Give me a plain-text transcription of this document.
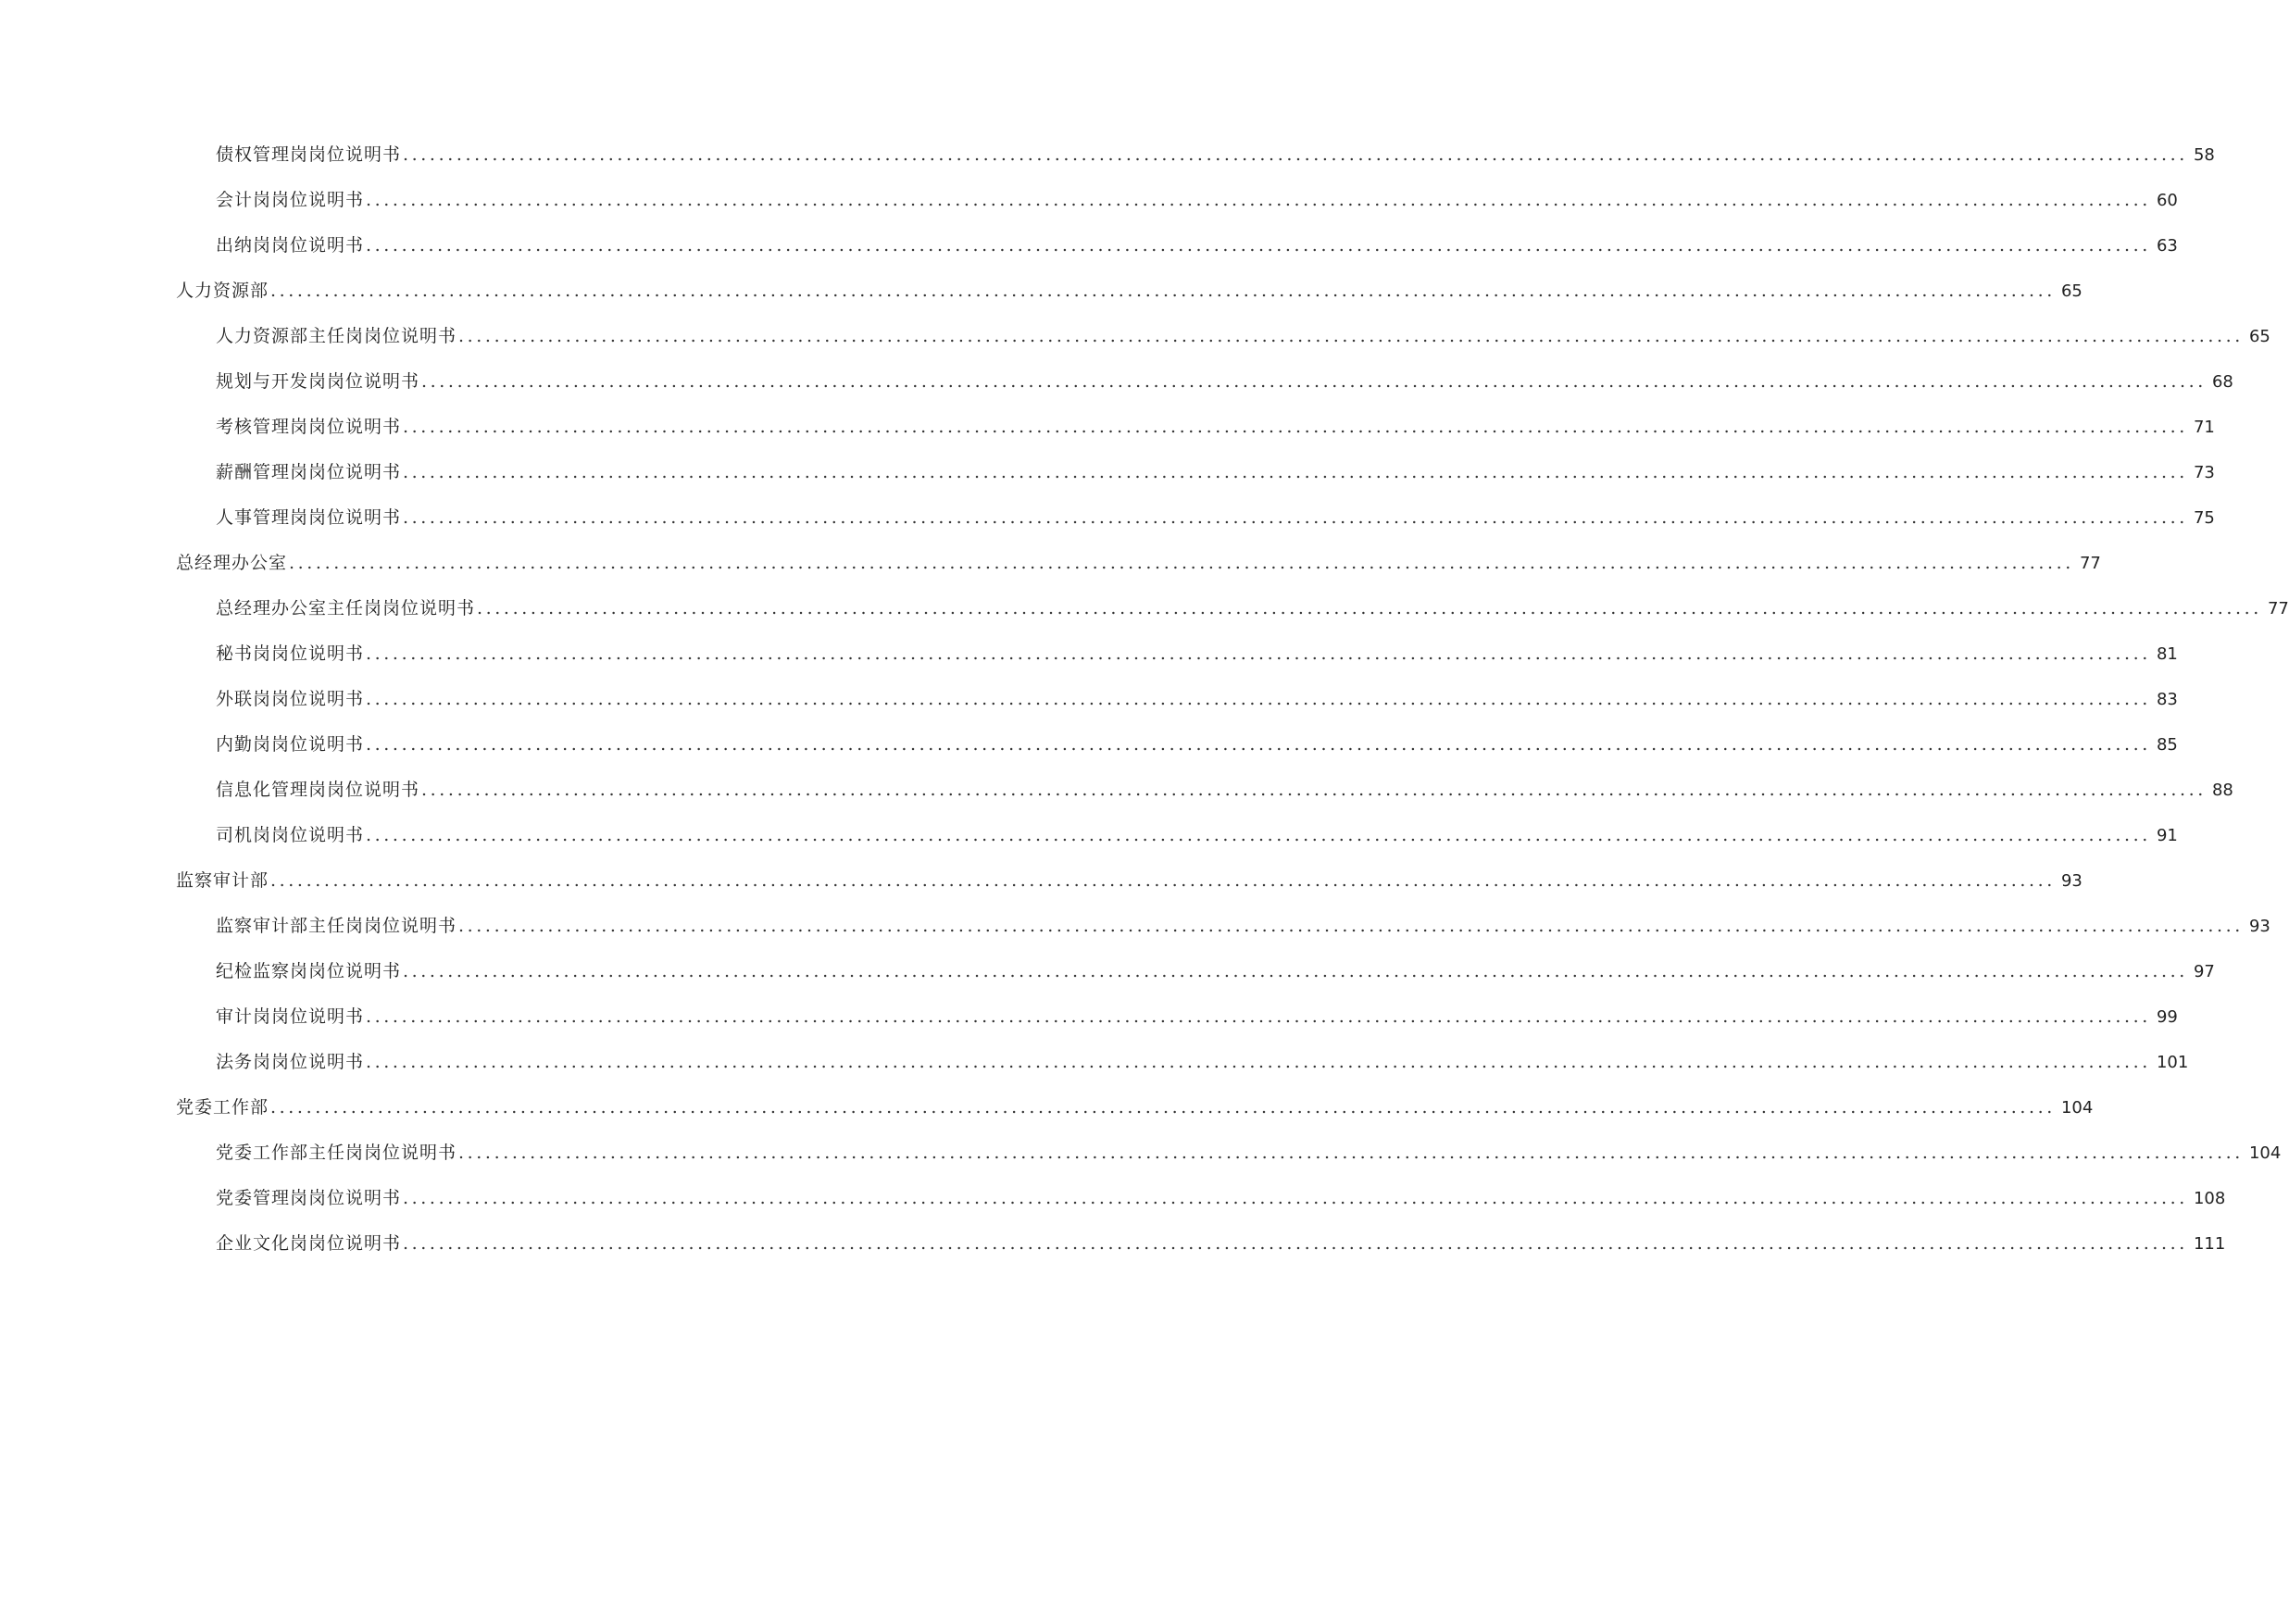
债权管理岗岗位说明书 ........................................................................................................................................................................................................ 58
会计岗岗位说明书 ........................................................................................................................................................................................................ 60
出纳岗岗位说明书 ........................................................................................................................................................................................................ 63
人力资源部 ........................................................................................................................................................................................................ 65
人力资源部主任岗岗位说明书 ........................................................................................................................................................................................................ 65
规划与开发岗岗位说明书 ........................................................................................................................................................................................................ 68
考核管理岗岗位说明书 ........................................................................................................................................................................................................ 71
薪酬管理岗岗位说明书 ........................................................................................................................................................................................................ 73
人事管理岗岗位说明书 ........................................................................................................................................................................................................ 75
总经理办公室 ........................................................................................................................................................................................................ 77
总经理办公室主任岗岗位说明书 ........................................................................................................................................................................................................ 77
秘书岗岗位说明书 ........................................................................................................................................................................................................ 81
外联岗岗位说明书 ........................................................................................................................................................................................................ 83
内勤岗岗位说明书 ........................................................................................................................................................................................................ 85
信息化管理岗岗位说明书 ........................................................................................................................................................................................................ 88
司机岗岗位说明书 ........................................................................................................................................................................................................ 91
监察审计部 ........................................................................................................................................................................................................ 93
监察审计部主任岗岗位说明书 ........................................................................................................................................................................................................ 93
纪检监察岗岗位说明书 ........................................................................................................................................................................................................ 97
审计岗岗位说明书 ........................................................................................................................................................................................................ 99
法务岗岗位说明书 ........................................................................................................................................................................................................ 101
党委工作部 ........................................................................................................................................................................................................ 104
党委工作部主任岗岗位说明书 ........................................................................................................................................................................................................ 104
党委管理岗岗位说明书 ........................................................................................................................................................................................................ 108
企业文化岗岗位说明书 ........................................................................................................................................................................................................ 111
